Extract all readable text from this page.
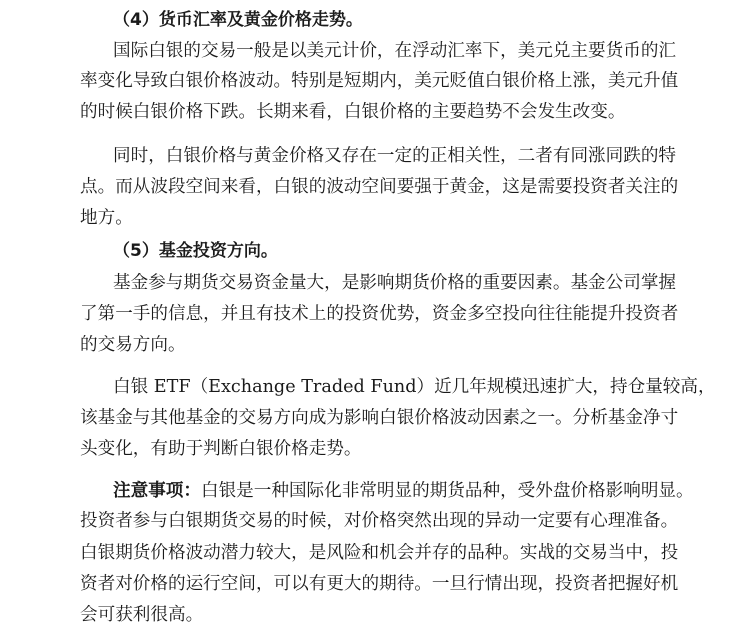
（4）货币汇率及黄金价格走势。
国际白银的交易一般是以美元计价，在浮动汇率下，美元兑主要货币的汇
率变化导致白银价格波动。特别是短期内，美元贬值白银价格上涨，美元升值
的时候白银价格下跌。长期来看，白银价格的主要趋势不会发生改变。
同时，白银价格与黄金价格又存在一定的正相关性，二者有同涨同跌的特
点。而从波段空间来看，白银的波动空间要强于黄金，这是需要投资者关注的
地方。
（5）基金投资方向。
基金参与期货交易资金量大，是影响期货价格的重要因素。基金公司掌握
了第一手的信息，并且有技术上的投资优势，资金多空投向往往能提升投资者
的交易方向。
白银 ETF（Exchange Traded Fund）近几年规模迅速扩大，持仓量较高，
该基金与其他基金的交易方向成为影响白银价格波动因素之一。分析基金净寸
头变化，有助于判断白银价格走势。
注意事项：白银是一种国际化非常明显的期货品种，受外盘价格影响明显。
投资者参与白银期货交易的时候，对价格突然出现的异动一定要有心理准备。
白银期货价格波动潜力较大，是风险和机会并存的品种。实战的交易当中，投
资者对价格的运行空间，可以有更大的期待。一旦行情出现，投资者把握好机
会可获利很高。
